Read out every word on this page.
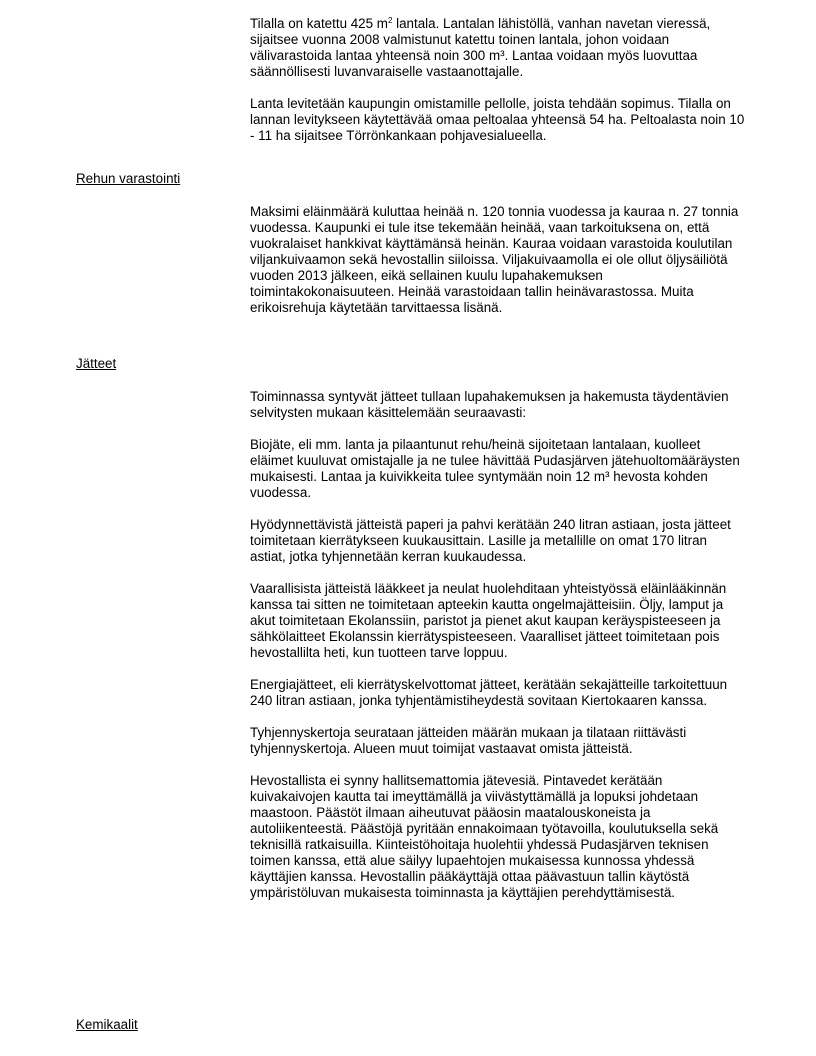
Tilalla on katettu 425 $m^2$ lantala. Lantalan lähistöllä, vanhan navetan vieressä, sijaitsee vuonna 2008 valmistunut katettu toinen lantala, johon voidaan välivarastoida lantaa yhteensä noin 300 m³. Lantaa voidaan myös luovuttaa säännöllisesti luvanvaraiselle vastaanottajalle.

Lanta levitetään kaupungin omistamille pellolle, joista tehdään sopimus. Tilalla on lannan levitykseen käytettävää omaa peltoalaa yhteensä 54 ha. Peltoalasta noin 10 - 11 ha sijaitsee Törrönkankaan pohjavesialueella.

Rehun varastointi

Maksimi eläinmäärä kuluttaa heinää n. 120 tonnia vuodessa ja kauraa n. 27 tonnia vuodessa. Kaupunki ei tule itse tekemään heinää, vaan tarkoituksena on, että vuokralaiset hankkivat käyttämänsä heinän. Kauraa voidaan varastoida koulutilan viljankuivaamon sekä hevostallin siiloissa. Viljakuivaamolla ei ole ollut öljysäiliötä vuoden 2013 jälkeen, eikä sellainen kuulu lupahakemuksen toimintakokonaisuuteen. Heinää varastoidaan tallin heinävarastossa. Muita erikoisrehuja käytetään tarvittaessa lisänä.

Jätteet

Toiminnassa syntyvät jätteet tullaan lupahakemuksen ja hakemusta täydentävien selvitysten mukaan käsittelemään seuraavasti:

Biojäte, eli mm. lanta ja pilaantunut rehu/heinä sijoitetaan lantalaan, kuolleet eläimet kuuluvat omistajalle ja ne tulee hävittää Pudasjärven jätehuoltomääräysten mukaisesti. Lantaa ja kuivikkeita tulee syntymään noin 12 m³ hevosta kohden vuodessa.

Hyödynnettävistä jätteistä paperi ja pahvi kerätään 240 litran astiaan, josta jätteet toimitetaan kierrätykseen kuukausittain. Lasille ja metallille on omat 170 litran astiat, jotka tyhjennetään kerran kuukaudessa.

Vaarallisista jätteistä lääkkeet ja neulat huolehditaan yhteistyössä eläinlääkinnän kanssa tai sitten ne toimitetaan apteekin kautta ongelmajätteisiin. Öljy, lamput ja akut toimitetaan Ekolanssiin, paristot ja pienet akut kaupan keräyspisteeseen ja sähkölaitteet Ekolanssin kierrätyspisteeseen. Vaaralliset jätteet toimitetaan pois hevostallilta heti, kun tuotteen tarve loppuu.

Energiajätteet, eli kierrätyskelvottomat jätteet, kerätään sekajätteille tarkoitettuun 240 litran astiaan, jonka tyhjentämistiheydestä sovitaan Kiertokaaren kanssa.

Tyhjennyskertoja seurataan jätteiden määrän mukaan ja tilataan riittävästi tyhjennyskertoja. Alueen muut toimijat vastaavat omista jätteistä.

Hevostallista ei synny hallitsemattomia jätevesiä. Pintavedet kerätään kuivakaivojen kautta tai imeyttämällä ja viivästyttämällä ja lopuksi johdetaan maastoon. Päästöt ilmaan aiheutuvat pääosin maatalouskoneista ja autoliikenteestä. Päästöjä pyritään ennakoimaan työtavoilla, koulutuksella sekä teknisillä ratkaisuilla. Kiinteistöhoitaja huolehtii yhdessä Pudasjärven teknisen toimen kanssa, että alue säilyy lupaehtojen mukaisessa kunnossa yhdessä käyttäjien kanssa. Hevostallin pääkäyttäjä ottaa päävastuun tallin käytöstä ympäristöluvan mukaisesta toiminnasta ja käyttäjien perehdyttämisestä.

Kemikaalit
